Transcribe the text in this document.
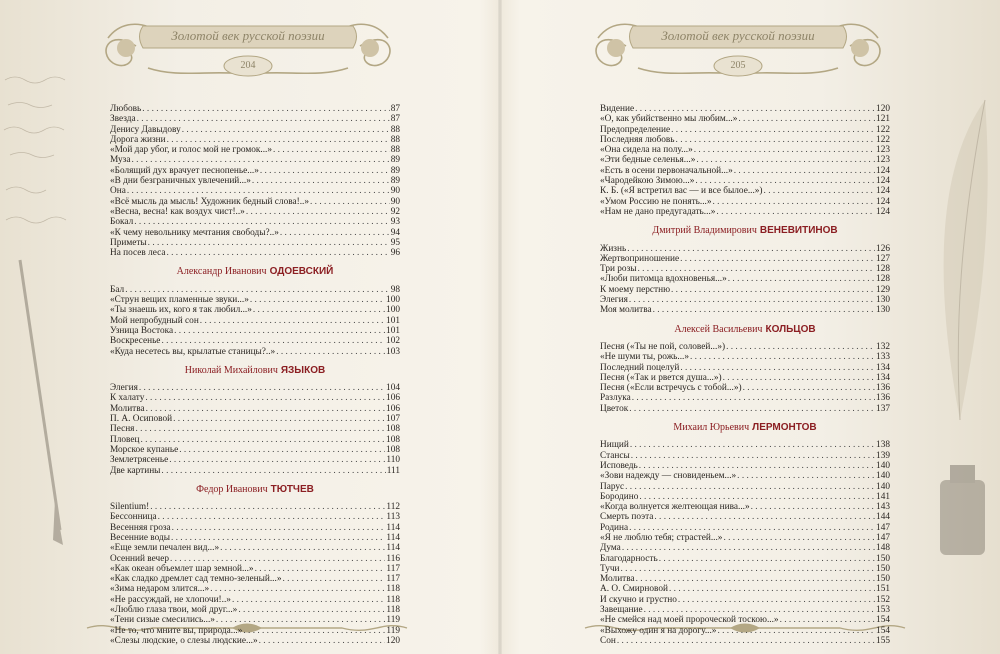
Золотой век русской поэзии
204
Золотой век русской поэзии
205
Любовь . . .	87
Звезда . . .	87
Денису Давыдову . . .	88
Дорога жизни . . .	88
«Мой дар убог, и голос мой не громок...» . . .	88
Муза . . .	89
«Болящий дух врачует песнопенье...» . . .	89
«В дни безграничных увлечений...» . . .	89
Она . . .	90
«Всё мысль да мысль! Художник бедный слова!..» . . .	90
«Весна, весна! как воздух чист!..» . . .	92
Бокал . . .	93
«К чему невольнику мечтания свободы?..» . . .	94
Приметы . . .	95
На посев леса . . .	96
Александр Иванович ОДОЕВСКИЙ
Бал . . .	98
«Струн вещих пламенные звуки...» . . .	100
«Ты знаешь их, кого я так любил...» . . .	100
Мой непробудный сон . . .	101
Узница Востока . . .	101
Воскресенье . . .	102
«Куда несетесь вы, крылатые станицы?..» . . .	103
Николай Михайлович ЯЗЫКОВ
Элегия . . .	104
К халату . . .	106
Молитва . . .	106
П. А. Осиповой . . .	107
Песня . . .	108
Пловец . . .	108
Морское купанье . . .	108
Землетрясенье . . .	110
Две картины . . .	111
Федор Иванович ТЮТЧЕВ
Silentium! . . .	112
Бессонница . . .	113
Весенняя гроза . . .	114
Весенние воды . . .	114
«Еще земли печален вид...» . . .	114
Осенний вечер . . .	116
«Как океан объемлет шар земной...» . . .	117
«Как сладко дремлет сад темно-зеленый...» . . .	117
«Зима недаром злится...» . . .	118
«Не рассуждай, не хлопочи!..» . . .	118
«Люблю глаза твои, мой друг...» . . .	118
«Тени сизые смесились...» . . .	119
«Не то, что мните вы, природа...» . . .	119
«Слезы людские, о слезы людские...» . . .	120
Видение . . .	120
«О, как убийственно мы любим...» . . .	121
Предопределение . . .	122
Последняя любовь . . .	122
«Она сидела на полу...» . . .	123
«Эти бедные селенья...» . . .	123
«Есть в осени первоначальной...» . . .	124
«Чародейкою Зимою...» . . .	124
К. Б. («Я встретил вас — и все былое...») . . .	124
«Умом Россию не понять...» . . .	124
«Нам не дано предугадать...» . . .	124
Дмитрий Владимирович ВЕНЕВИТИНОВ
Жизнь . . .	126
Жертвоприношение . . .	127
Три розы . . .	128
«Люби питомца вдохновенья...» . . .	128
К моему перстню . . .	129
Элегия . . .	130
Моя молитва . . .	130
Алексей Васильевич КОЛЬЦОВ
Песня («Ты не пой, соловей...») . . .	132
«Не шуми ты, рожь...» . . .	133
Последний поцелуй . . .	134
Песня («Так и рвется душа...») . . .	134
Песня («Если встречусь с тобой...») . . .	136
Разлука . . .	136
Цветок . . .	137
Михаил Юрьевич ЛЕРМОНТОВ
Нищий . . .	138
Стансы . . .	139
Исповедь . . .	140
«Зови надежду — сновиденьем...» . . .	140
Парус . . .	140
Бородино . . .	141
«Когда волнуется желтеющая нива...» . . .	143
Смерть поэта . . .	144
Родина . . .	147
«Я не люблю тебя; страстей...» . . .	147
Дума . . .	148
Благодарность . . .	150
Тучи . . .	150
Молитва . . .	150
А. О. Смирновой . . .	151
И скучно и грустно . . .	152
Завещание . . .	153
«Не смейся над моей пророческой тоскою...» . . .	154
«Выхожу один я на дорогу...» . . .	154
Сон . . .	155
